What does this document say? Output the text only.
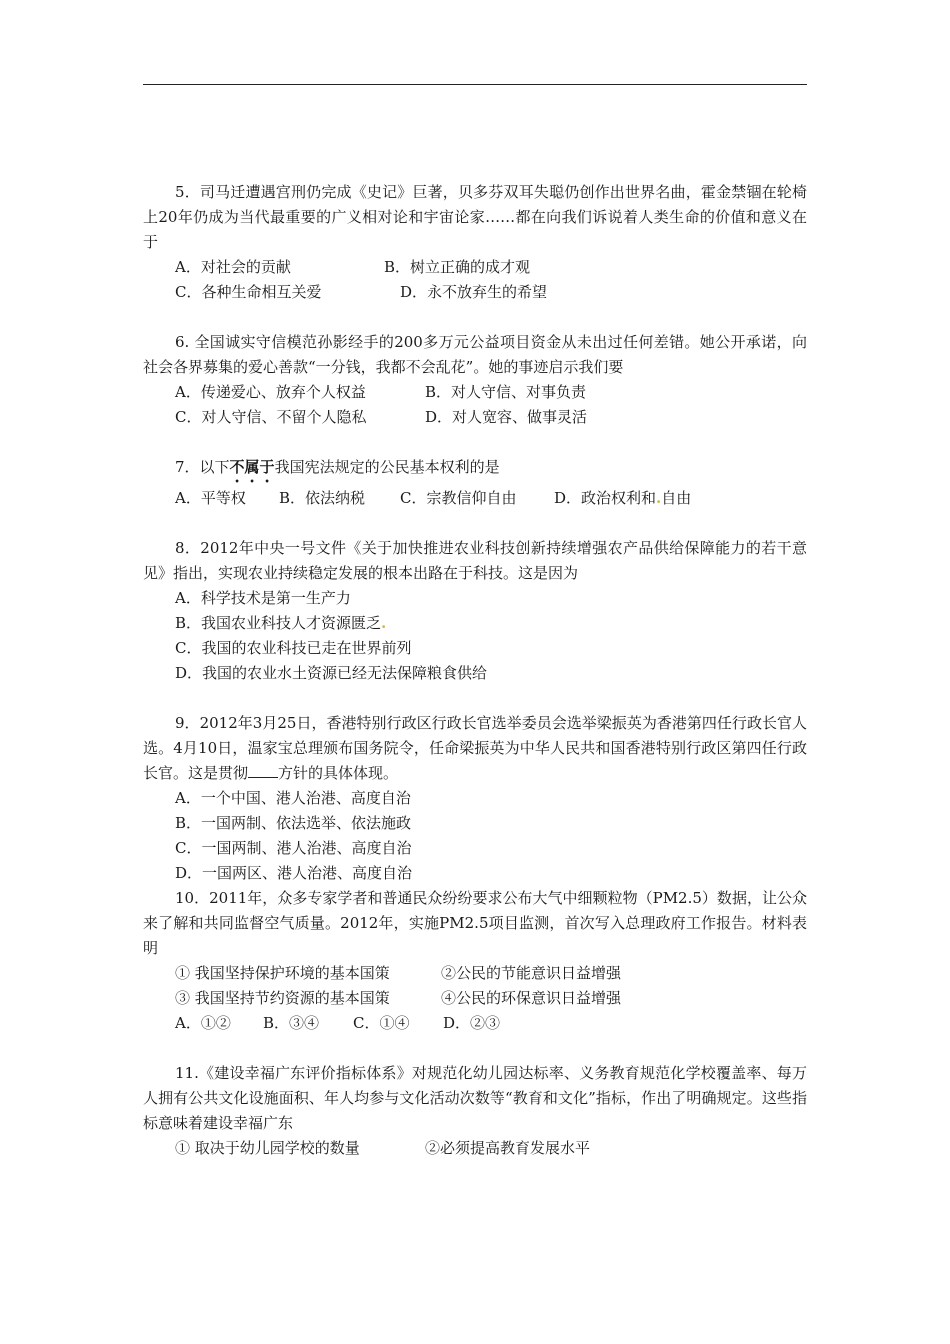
5．司马迁遭遇宫刑仍完成《史记》巨著，贝多芬双耳失聪仍创作出世界名曲，霍金禁锢在轮椅上20年仍成为当代最重要的广义相对论和宇宙论家……都在向我们诉说着人类生命的价值和意义在于

A．对社会的贡献	B．树立正确的成才观

C．各种生命相互关爱	D．永不放弃生的希望

6. 全国诚实守信模范孙影经手的200多万元公益项目资金从未出过任何差错。她公开承诺，向社会各界募集的爱心善款“一分钱，我都不会乱花”。她的事迹启示我们要

A．传递爱心、放弃个人权益	B．对人守信、对事负责

C．对人守信、不留个人隐私	D．对人宽容、做事灵活

7．以下不属于我国宪法规定的公民基本权利的是

A．平等权 B．依法纳税 C．宗教信仰自由	D．政治权利和.自由

8．2012年中央一号文件《关于加快推进农业科技创新持续增强农产品供给保障能力的若干意见》指出，实现农业持续稳定发展的根本出路在于科技。这是因为

A．科学技术是第一生产力

B．我国农业科技人才资源匮乏.

C．我国的农业科技已走在世界前列

D．我国的农业水土资源已经无法保障粮食供给

9．2012年3月25日，香港特别行政区行政长官选举委员会选举梁振英为香港第四任行政长官人选。4月10日，温家宝总理颁布国务院令，任命梁振英为中华人民共和国香港特别行政区第四任行政长官。这是贯彻 方针的具体体现。

A．一个中国、港人治港、高度自治

B．一国两制、依法选举、依法施政

C．一国两制、港人治港、高度自治

D．一国两区、港人治港、高度自治

10．2011年，众多专家学者和普通民众纷纷要求公布大气中细颗粒物（PM2.5）数据，让公众来了解和共同监督空气质量。2012年，实施PM2.5项目监测，首次写入总理政府工作报告。材料表明

① 我国坚持保护环境的基本国策	②公民的节能意识日益增强

③ 我国坚持节约资源的基本国策	④公民的环保意识日益增强

A．①② B．③④ C．①④ D．②③

11.《建设幸福广东评价指标体系》对规范化幼儿园达标率、义务教育规范化学校覆盖率、每万人拥有公共文化设施面积、年人均参与文化活动次数等“教育和文化”指标，作出了明确规定。这些指标意味着建设幸福广东

① 取决于幼儿园学校的数量	②必须提高教育发展水平
